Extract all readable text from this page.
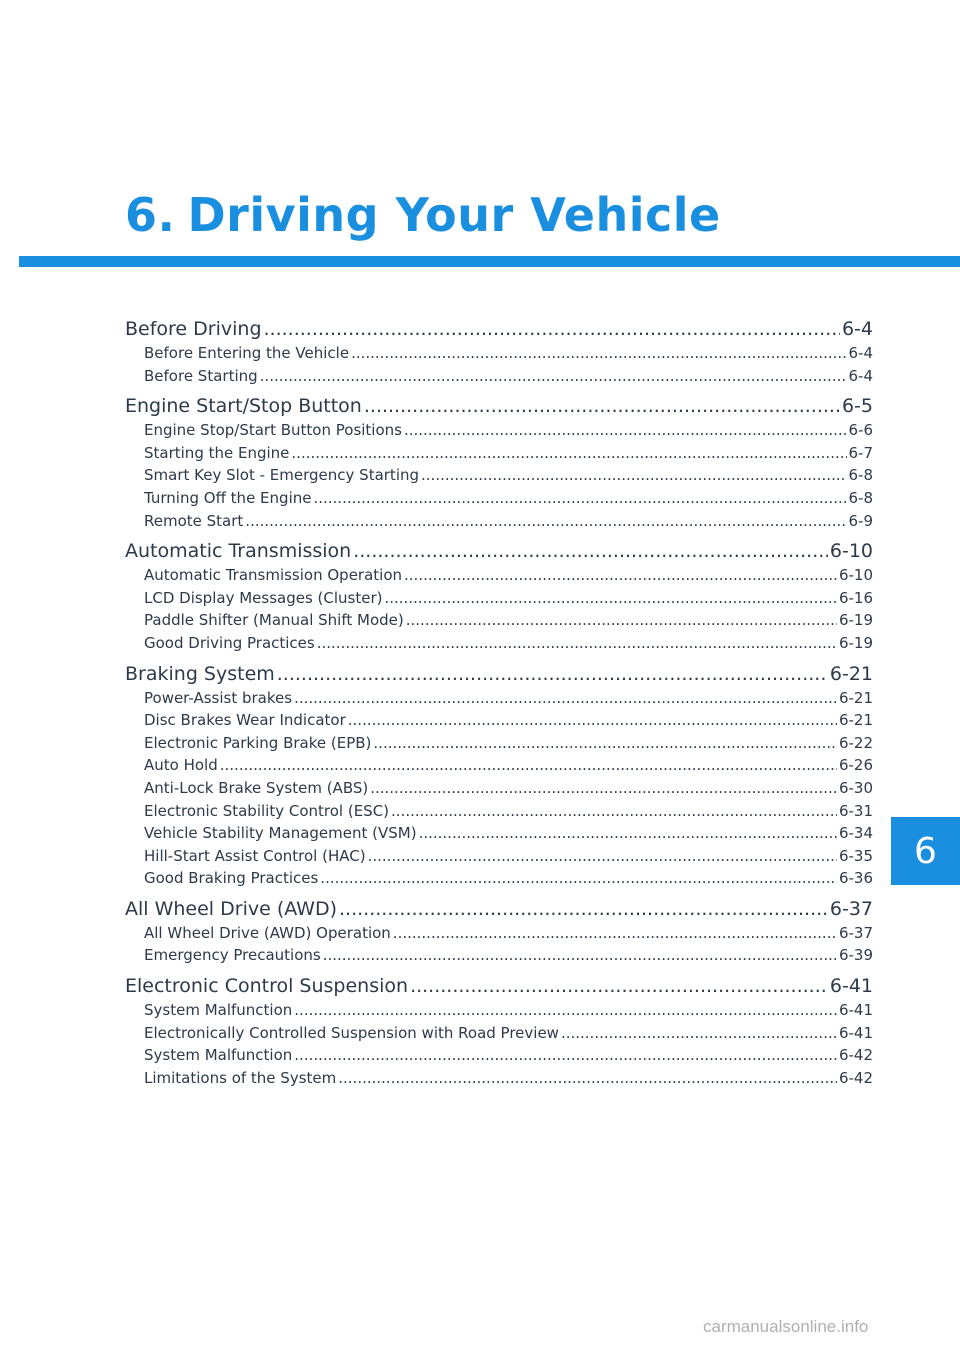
6. Driving Your Vehicle
Before Driving .....	6-4
Before Entering the Vehicle .....	6-4
Before Starting .....	6-4
Engine Start/Stop Button .....	6-5
Engine Stop/Start Button Positions .....	6-6
Starting the Engine .....	6-7
Smart Key Slot - Emergency Starting .....	6-8
Turning Off the Engine .....	6-8
Remote Start .....	6-9
Automatic Transmission .....	6-10
Automatic Transmission Operation .....	6-10
LCD Display Messages (Cluster) .....	6-16
Paddle Shifter (Manual Shift Mode) .....	6-19
Good Driving Practices .....	6-19
Braking System .....	6-21
Power-Assist brakes .....	6-21
Disc Brakes Wear Indicator .....	6-21
Electronic Parking Brake (EPB) .....	6-22
Auto Hold .....	6-26
Anti-Lock Brake System (ABS) .....	6-30
Electronic Stability Control (ESC) .....	6-31
Vehicle Stability Management (VSM) .....	6-34
Hill-Start Assist Control (HAC) .....	6-35
Good Braking Practices .....	6-36
All Wheel Drive (AWD) .....	6-37
All Wheel Drive (AWD) Operation .....	6-37
Emergency Precautions .....	6-39
Electronic Control Suspension .....	6-41
System Malfunction .....	6-41
Electronically Controlled Suspension with Road Preview .....	6-41
System Malfunction .....	6-42
Limitations of the System .....	6-42
6
carmanualsonline.info
